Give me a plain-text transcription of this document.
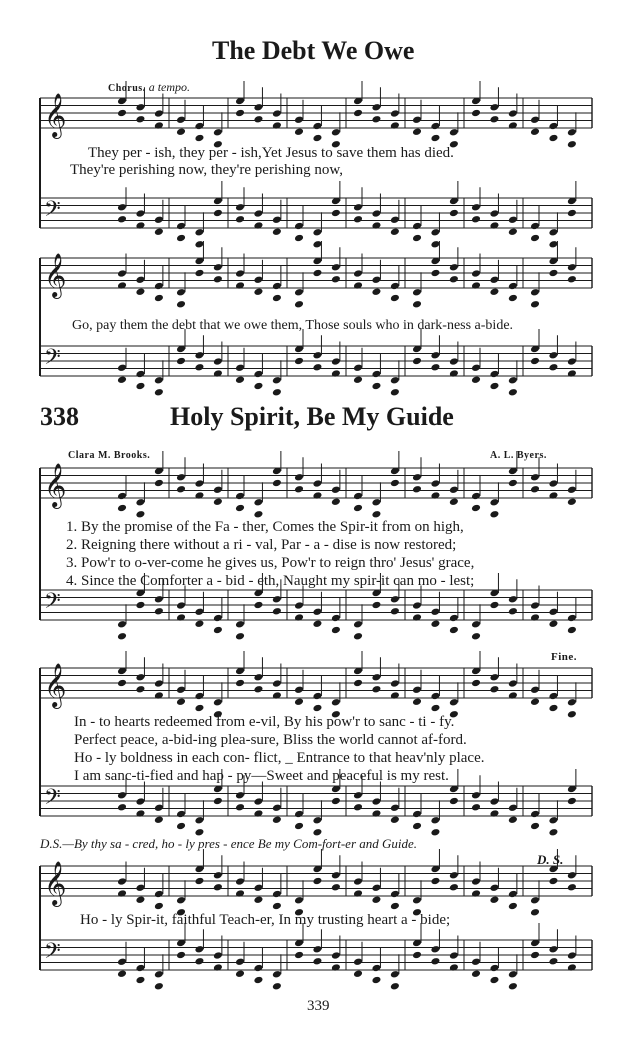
The Debt We Owe
Chorus. a tempo.
338	Holy Spirit, Be My Guide
Clara M. Brooks.	A. L. Byers.
𝄞
𝄢
𝄞
𝄢
𝄞
𝄢
𝄞
𝄢
𝄞
𝄢
They per - ish, they per - ish,Yet Jesus to save them has died.
They're perishing now, they're perishing now,
Go, pay them the debt that we owe them, Those souls who in dark-ness a-bide.
1. By the promise of the Fa - ther, Comes the Spir-it from on high,
2. Reigning there without a ri - val, Par - a - dise is now restored;
3. Pow'r to o-ver-come he gives us, Pow'r to reign thro' Jesus' grace,
4. Since the Comforter a - bid - eth, Naught my spir-it can mo - lest;
Fine.
In - to hearts redeemed from e-vil, By his pow'r to sanc - ti - fy.
Perfect peace, a-bid-ing plea-sure, Bliss the world cannot af-ford.
Ho - ly boldness in each con- flict, _ Entrance to that heav'nly place.
I am sanc-ti-fied and hap - py—Sweet and peaceful is my rest.
D.S.—By thy sa - cred, ho - ly pres - ence Be my Com-fort-er and Guide.
D. S.
Ho - ly Spir-it, faithful Teach-er, In my trusting heart a - bide;
339
